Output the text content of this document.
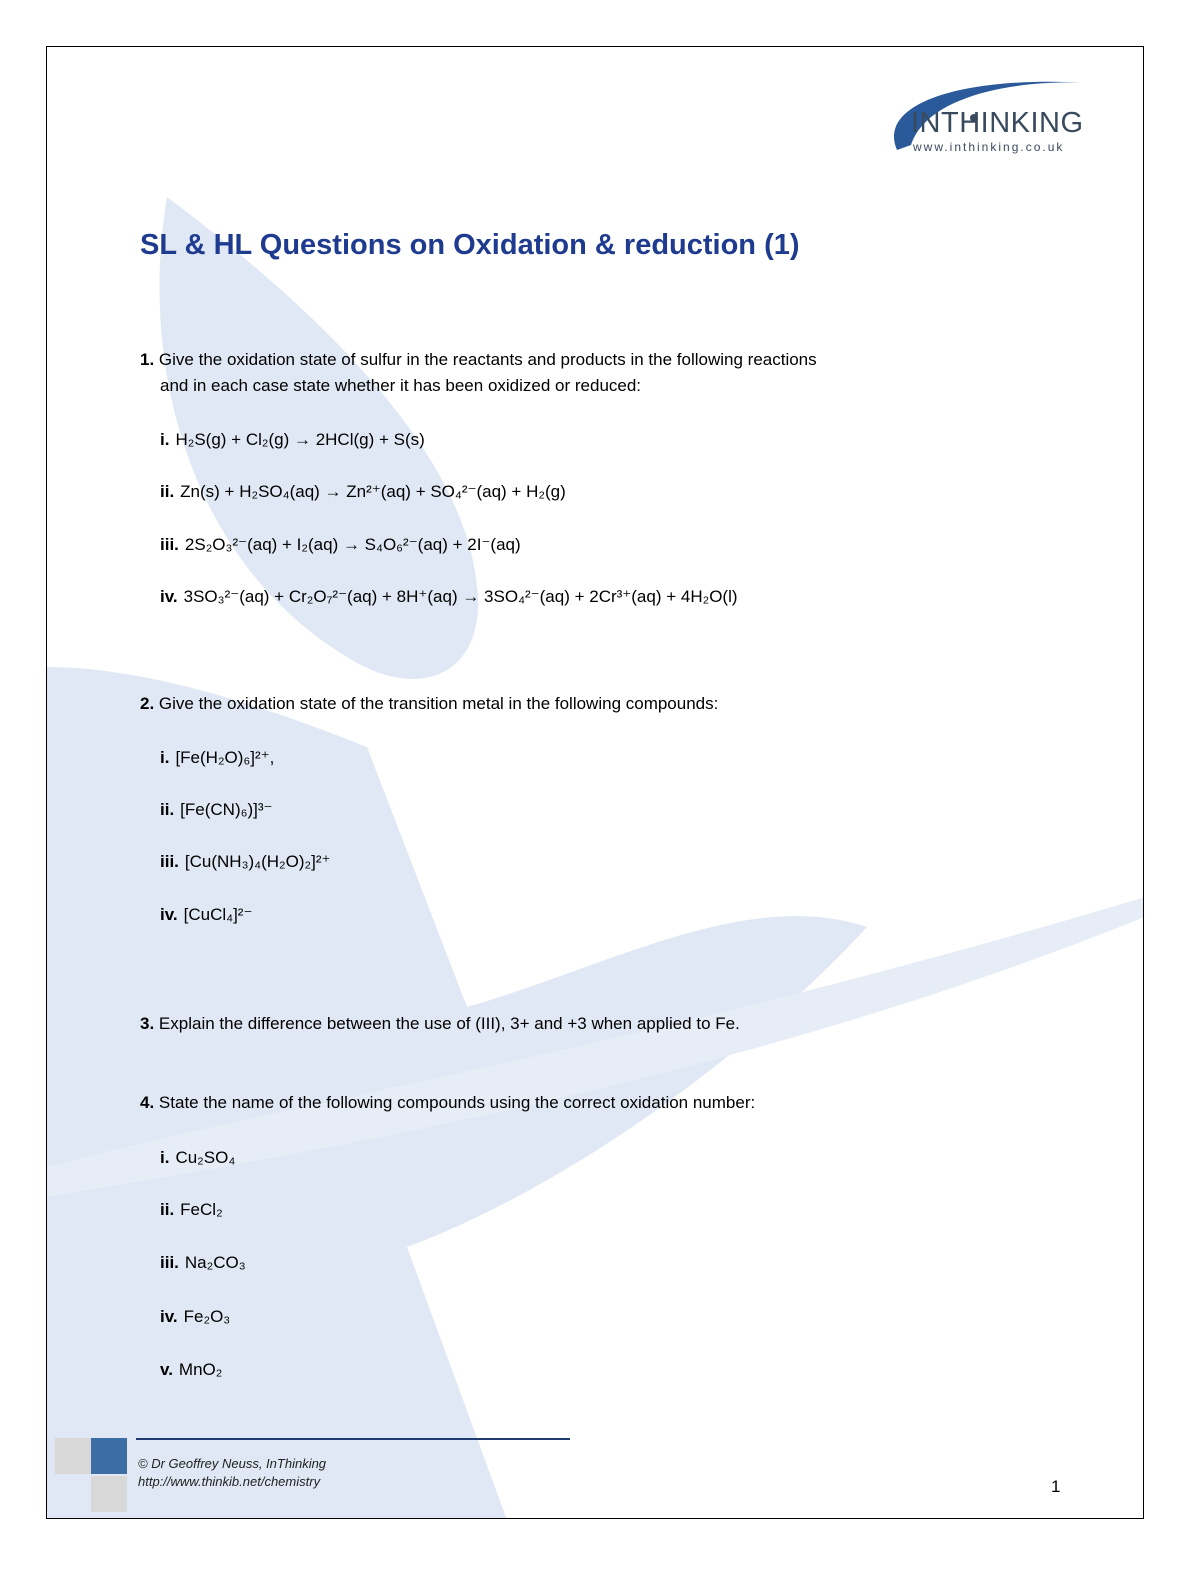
INTHINKING
www.inthinking.co.uk
SL & HL Questions on Oxidation & reduction (1)
1. Give the oxidation state of sulfur in the reactants and products in the following reactions
and in each case state whether it has been oxidized or reduced:
i. H₂S(g) + Cl₂(g) → 2HCl(g) + S(s)
ii. Zn(s) + H₂SO₄(aq) → Zn²⁺(aq) + SO₄²⁻(aq) + H₂(g)
iii. 2S₂O₃²⁻(aq) + I₂(aq) → S₄O₆²⁻(aq) + 2I⁻(aq)
iv. 3SO₃²⁻(aq) + Cr₂O₇²⁻(aq) + 8H⁺(aq) → 3SO₄²⁻(aq) + 2Cr³⁺(aq) + 4H₂O(l)
2. Give the oxidation state of the transition metal in the following compounds:
i. [Fe(H₂O)₆]²⁺,
ii. [Fe(CN)₆)]³⁻
iii. [Cu(NH₃)₄(H₂O)₂]²⁺
iv. [CuCl₄]²⁻
3. Explain the difference between the use of (III), 3+ and +3 when applied to Fe.
4. State the name of the following compounds using the correct oxidation number:
i. Cu₂SO₄
ii. FeCl₂
iii. Na₂CO₃
iv. Fe₂O₃
v. MnO₂
© Dr Geoffrey Neuss, InThinking
http://www.thinkib.net/chemistry	1
